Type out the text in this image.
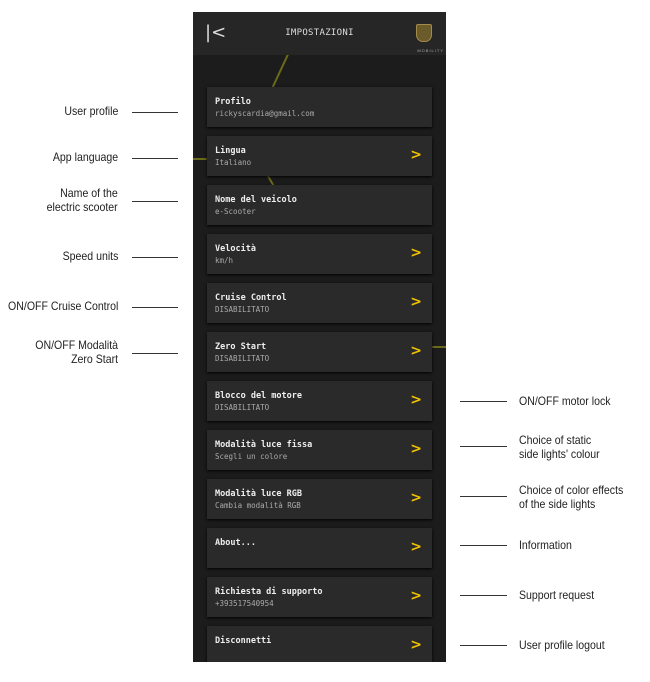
|<	IMPOSTAZIONI
MOBILITY
Profilo
rickyscardia@gmail.com
Lingua
Italiano	>
Nome del veicolo
e-Scooter
Velocità
km/h	>
Cruise Control
DISABILITATO	>
Zero Start
DISABILITATO	>
Blocco del motore
DISABILITATO	>
Modalità luce fissa
Scegli un colore	>
Modalità luce RGB
Cambia modalità RGB	>
About...	>
Richiesta di supporto
+393517540954	>
Disconnetti	>
User profile
App language
Name of the
electric scooter
Speed units
ON/OFF Cruise Control
ON/OFF Modalità
Zero Start
ON/OFF motor lock
Choice of static
side lights' colour
Choice of color effects
of the side lights
Information
Support request
User profile logout
